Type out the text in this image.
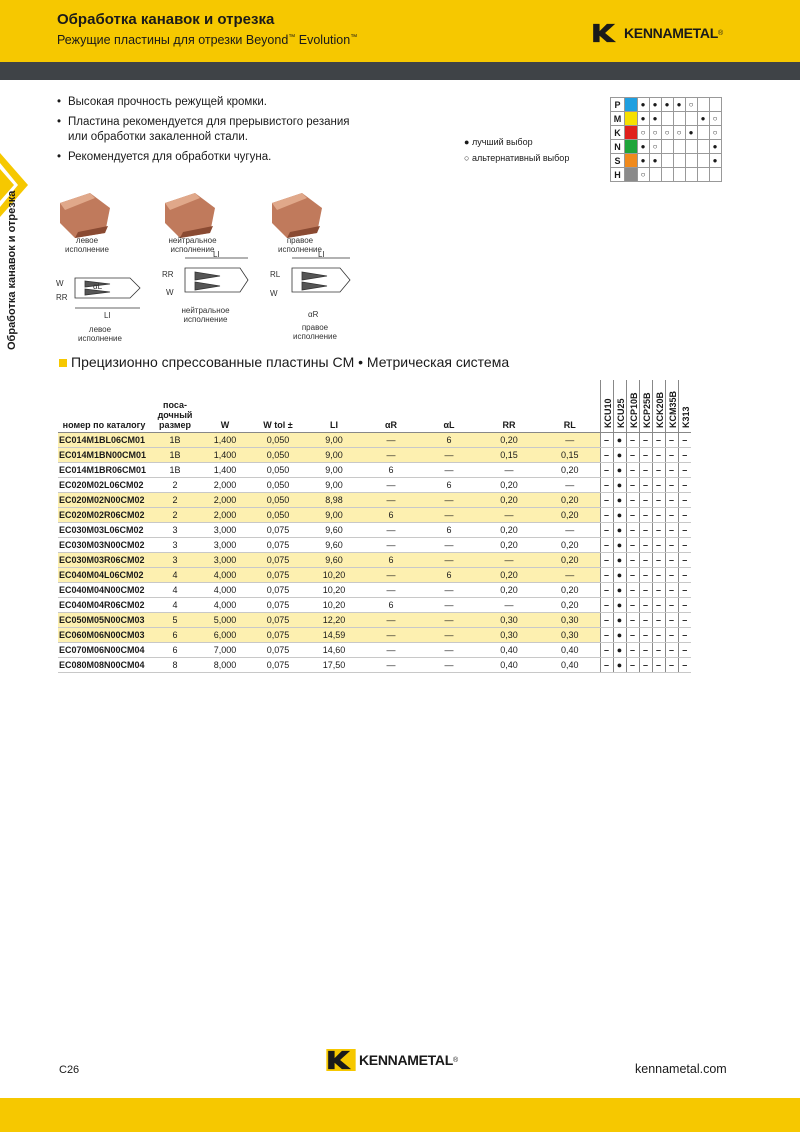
Обработка канавок и отрезка
Режущие пластины для отрезки Beyond™ Evolution™	KENNAMETAL ®
Обработка канавок и отрезка
• Высокая прочность режущей кромки.
• Пластина рекомендуется для прерывистого резания или обработки закаленной стали.
• Рекомендуется для обработки чугуна.
● лучший выбор
○ альтернативный выбор
P		●	●	●	●	○		
M		●	●				●	○
K		○	○	○	○	●		○
N		●	○					●
S		●	●					●
H		○						
левое исполнение
нейтральное исполнение
правое исполнение
левое исполнение
нейтральное исполнение
правое исполнение
αL
W
RR
LI
RR
W
LI
RL
W
LI
αR
Прецизионно спрессованные пластины CM • Метрическая система
номер по каталогу	поса-дочный размер	W	W tol ±	LI	αR	αL	RR	RL	KCU10	KCU25	KCP10B	KCP25B	KCK20B	KCM35B	K313

EC014M1BL06CM01	1B	1,400	0,050	9,00	—	6	0,20	—	–	●	–	–	–	–	–
EC014M1BN00CM01	1B	1,400	0,050	9,00	—	—	0,15	0,15	–	●	–	–	–	–	–
EC014M1BR06CM01	1B	1,400	0,050	9,00	6	—	—	0,20	–	●	–	–	–	–	–
EC020M02L06CM02	2	2,000	0,050	9,00	—	6	0,20	—	–	●	–	–	–	–	–
EC020M02N00CM02	2	2,000	0,050	8,98	—	—	0,20	0,20	–	●	–	–	–	–	–
EC020M02R06CM02	2	2,000	0,050	9,00	6	—	—	0,20	–	●	–	–	–	–	–
EC030M03L06CM02	3	3,000	0,075	9,60	—	6	0,20	—	–	●	–	–	–	–	–
EC030M03N00CM02	3	3,000	0,075	9,60	—	—	0,20	0,20	–	●	–	–	–	–	–
EC030M03R06CM02	3	3,000	0,075	9,60	6	—	—	0,20	–	●	–	–	–	–	–
EC040M04L06CM02	4	4,000	0,075	10,20	—	6	0,20	—	–	●	–	–	–	–	–
EC040M04N00CM02	4	4,000	0,075	10,20	—	—	0,20	0,20	–	●	–	–	–	–	–
EC040M04R06CM02	4	4,000	0,075	10,20	6	—	—	0,20	–	●	–	–	–	–	–
EC050M05N00CM03	5	5,000	0,075	12,20	—	—	0,30	0,30	–	●	–	–	–	–	–
EC060M06N00CM03	6	6,000	0,075	14,59	—	—	0,30	0,30	–	●	–	–	–	–	–
EC070M06N00CM04	6	7,000	0,075	14,60	—	—	0,40	0,40	–	●	–	–	–	–	–
EC080M08N00CM04	8	8,000	0,075	17,50	—	—	0,40	0,40	–	●	–	–	–	–	–
C26
KENNAMETAL ®
kennametal.com
